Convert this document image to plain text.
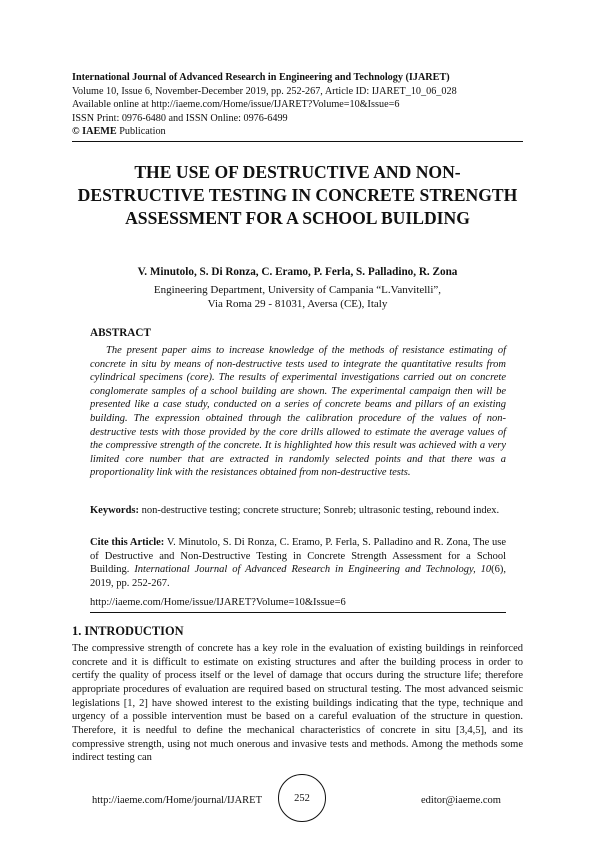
International Journal of Advanced Research in Engineering and Technology (IJARET)
Volume 10, Issue 6, November-December 2019, pp. 252-267, Article ID: IJARET_10_06_028
Available online at http://iaeme.com/Home/issue/IJARET?Volume=10&Issue=6
ISSN Print: 0976-6480 and ISSN Online: 0976-6499
© IAEME Publication
THE USE OF DESTRUCTIVE AND NON-DESTRUCTIVE TESTING IN CONCRETE STRENGTH ASSESSMENT FOR A SCHOOL BUILDING
V. Minutolo, S. Di Ronza, C. Eramo, P. Ferla, S. Palladino, R. Zona
Engineering Department, University of Campania “L.Vanvitelli”,
Via Roma 29 - 81031, Aversa (CE), Italy
ABSTRACT
The present paper aims to increase knowledge of the methods of resistance estimating of concrete in situ by means of non-destructive tests used to integrate the quantitative results from cylindrical specimens (core). The results of experimental investigations carried out on concrete conglomerate samples of a school building are shown. The experimental campaign then will be presented like a case study, conducted on a series of concrete beams and pillars of an existing building. The expression obtained through the calibration procedure of the values of non-destructive tests with those provided by the core drills allowed to estimate the average values of the compressive strength of the concrete. It is highlighted how this result was achieved with a very limited core number that are extracted in randomly selected points and that there was a proportionality link with the resistances obtained from non-destructive tests.
Keywords: non-destructive testing; concrete structure; Sonreb; ultrasonic testing, rebound index.
Cite this Article: V. Minutolo, S. Di Ronza, C. Eramo, P. Ferla, S. Palladino and R. Zona, The use of Destructive and Non-Destructive Testing in Concrete Strength Assessment for a School Building. International Journal of Advanced Research in Engineering and Technology, 10(6), 2019, pp. 252-267.
http://iaeme.com/Home/issue/IJARET?Volume=10&Issue=6
1. INTRODUCTION
The compressive strength of concrete has a key role in the evaluation of existing buildings in reinforced concrete and it is difficult to estimate on existing structures and after the building process in order to certify the quality of process itself or the level of damage that occurs during the structure life; therefore appropriate procedures of evaluation are required based on structural testing. The most advanced seismic legislations [1, 2] have showed interest to the existing buildings indicating that the type, technique and urgency of a possible intervention must be based on a careful evaluation of the structure in question. Therefore, it is needful to define the mechanical characteristics of concrete in situ [3,4,5], and its compressive strength, using not much onerous and invasive tests and methods. Among the methods some indirect testing can
http://iaeme.com/Home/journal/IJARET	252	editor@iaeme.com
